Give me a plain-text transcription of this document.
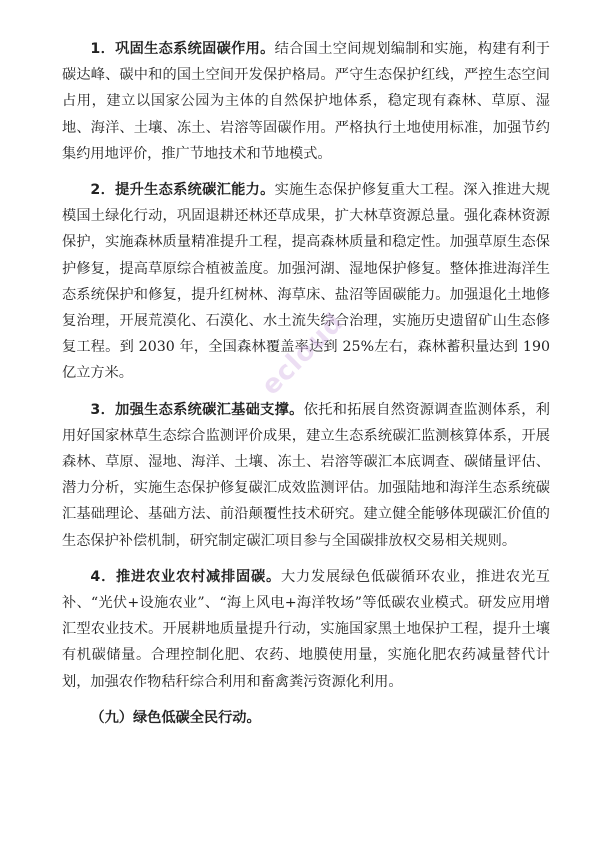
1．巩固生态系统固碳作用。结合国土空间规划编制和实施，构建有利于碳达峰、碳中和的国土空间开发保护格局。严守生态保护红线，严控生态空间占用，建立以国家公园为主体的自然保护地体系，稳定现有森林、草原、湿地、海洋、土壤、冻土、岩溶等固碳作用。严格执行土地使用标准，加强节约集约用地评价，推广节地技术和节地模式。

2．提升生态系统碳汇能力。实施生态保护修复重大工程。深入推进大规模国土绿化行动，巩固退耕还林还草成果，扩大林草资源总量。强化森林资源保护，实施森林质量精准提升工程，提高森林质量和稳定性。加强草原生态保护修复，提高草原综合植被盖度。加强河湖、湿地保护修复。整体推进海洋生态系统保护和修复，提升红树林、海草床、盐沼等固碳能力。加强退化土地修复治理，开展荒漠化、石漠化、水土流失综合治理，实施历史遗留矿山生态修复工程。到 2030 年，全国森林覆盖率达到 25%左右，森林蓄积量达到 190 亿立方米。

3．加强生态系统碳汇基础支撑。依托和拓展自然资源调查监测体系，利用好国家林草生态综合监测评价成果，建立生态系统碳汇监测核算体系，开展森林、草原、湿地、海洋、土壤、冻土、岩溶等碳汇本底调查、碳储量评估、潜力分析，实施生态保护修复碳汇成效监测评估。加强陆地和海洋生态系统碳汇基础理论、基础方法、前沿颠覆性技术研究。建立健全能够体现碳汇价值的生态保护补偿机制，研究制定碳汇项目参与全国碳排放权交易相关规则。

4．推进农业农村减排固碳。大力发展绿色低碳循环农业，推进农光互补、“光伏+设施农业”、“海上风电+海洋牧场”等低碳农业模式。研发应用增汇型农业技术。开展耕地质量提升行动，实施国家黑土地保护工程，提升土壤有机碳储量。合理控制化肥、农药、地膜使用量，实施化肥农药减量替代计划，加强农作物秸秆综合利用和畜禽粪污资源化利用。

（九）绿色低碳全民行动。

ecloud
